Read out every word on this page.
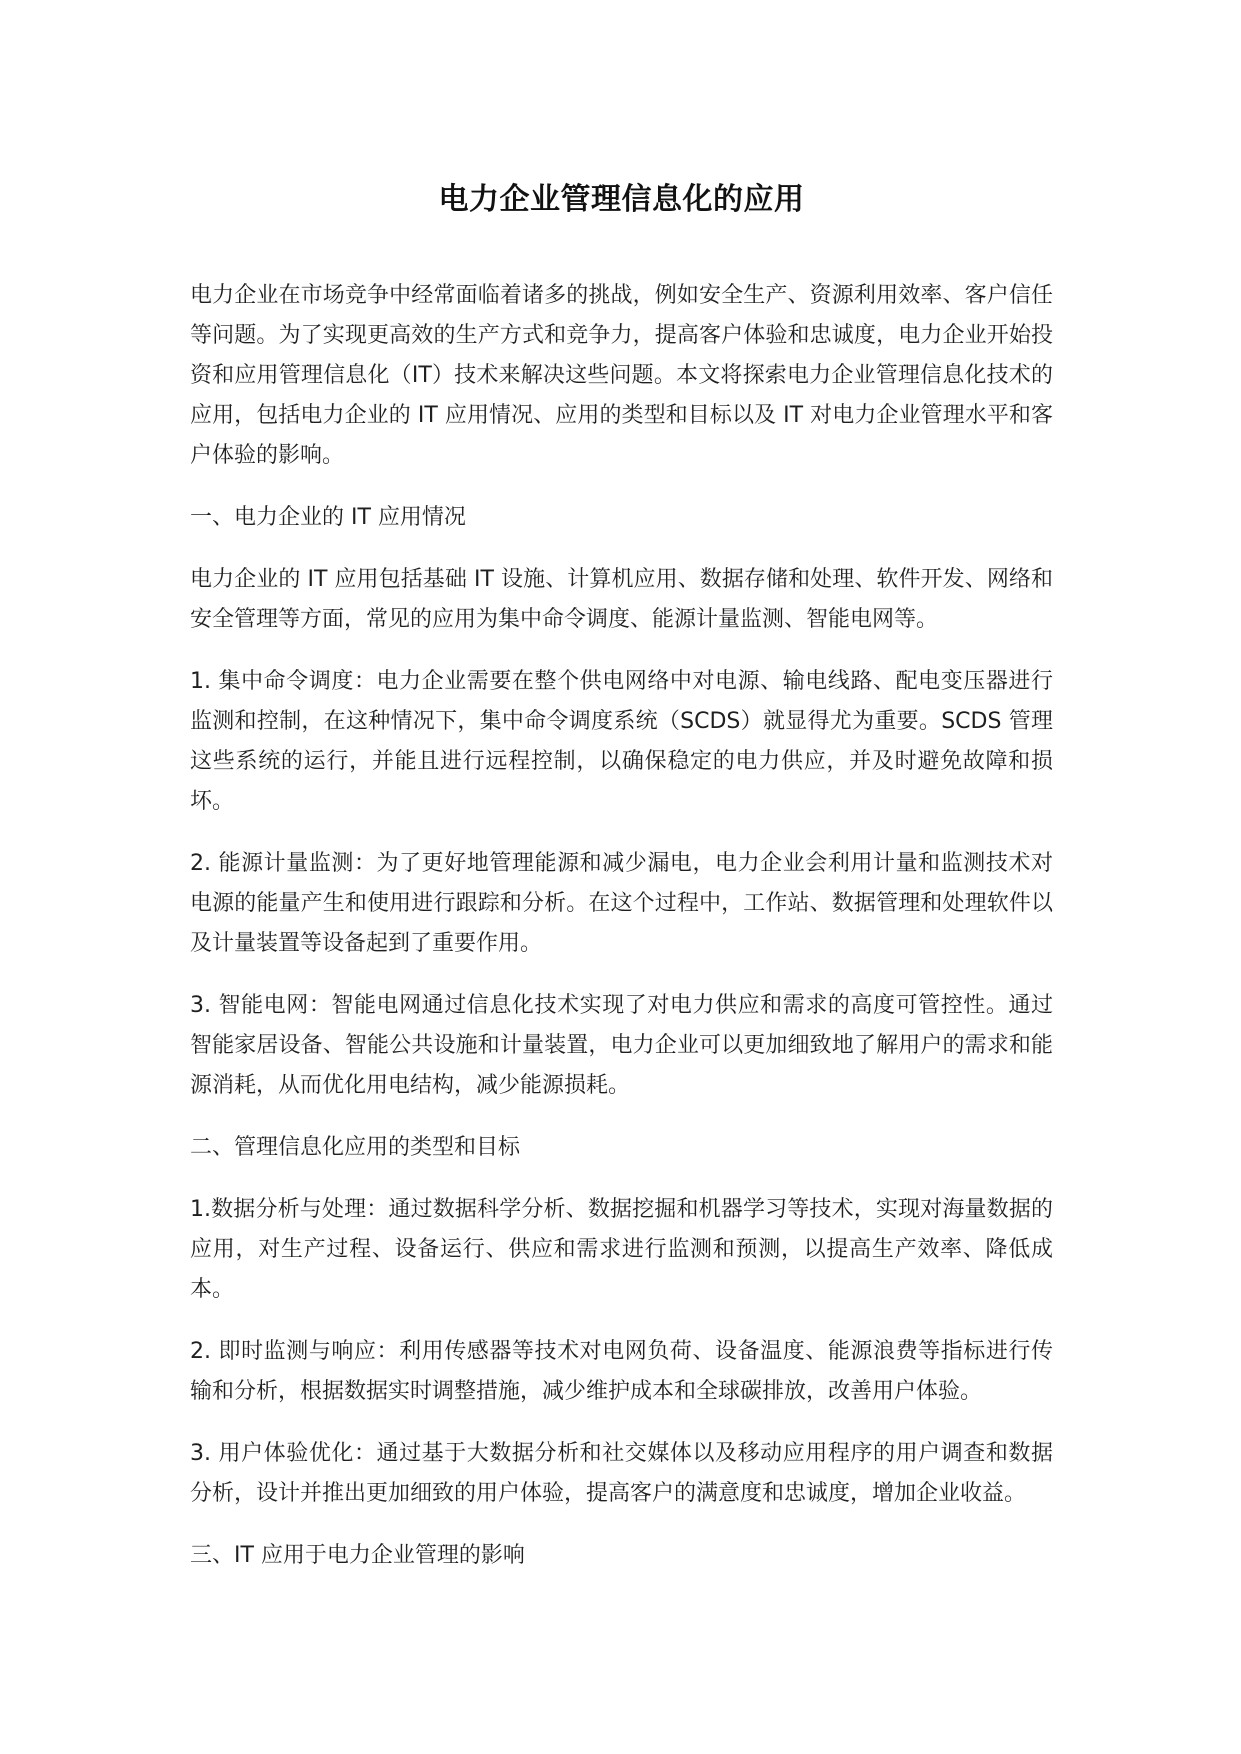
电力企业管理信息化的应用

电力企业在市场竞争中经常面临着诸多的挑战，例如安全生产、资源利用效率、客户信任等问题。为了实现更高效的生产方式和竞争力，提高客户体验和忠诚度，电力企业开始投资和应用管理信息化（IT）技术来解决这些问题。本文将探索电力企业管理信息化技术的应用，包括电力企业的 IT 应用情况、应用的类型和目标以及 IT 对电力企业管理水平和客户体验的影响。

一、电力企业的 IT 应用情况

电力企业的 IT 应用包括基础 IT 设施、计算机应用、数据存储和处理、软件开发、网络和安全管理等方面，常见的应用为集中命令调度、能源计量监测、智能电网等。

1. 集中命令调度：电力企业需要在整个供电网络中对电源、输电线路、配电变压器进行监测和控制，在这种情况下，集中命令调度系统（SCDS）就显得尤为重要。SCDS 管理这些系统的运行，并能且进行远程控制，以确保稳定的电力供应，并及时避免故障和损坏。

2. 能源计量监测：为了更好地管理能源和减少漏电，电力企业会利用计量和监测技术对电源的能量产生和使用进行跟踪和分析。在这个过程中，工作站、数据管理和处理软件以及计量装置等设备起到了重要作用。

3. 智能电网：智能电网通过信息化技术实现了对电力供应和需求的高度可管控性。通过智能家居设备、智能公共设施和计量装置，电力企业可以更加细致地了解用户的需求和能源消耗，从而优化用电结构，减少能源损耗。

二、管理信息化应用的类型和目标

1.数据分析与处理：通过数据科学分析、数据挖掘和机器学习等技术，实现对海量数据的应用，对生产过程、设备运行、供应和需求进行监测和预测，以提高生产效率、降低成本。

2. 即时监测与响应：利用传感器等技术对电网负荷、设备温度、能源浪费等指标进行传输和分析，根据数据实时调整措施，减少维护成本和全球碳排放，改善用户体验。

3. 用户体验优化：通过基于大数据分析和社交媒体以及移动应用程序的用户调查和数据分析，设计并推出更加细致的用户体验，提高客户的满意度和忠诚度，增加企业收益。

三、IT 应用于电力企业管理的影响
